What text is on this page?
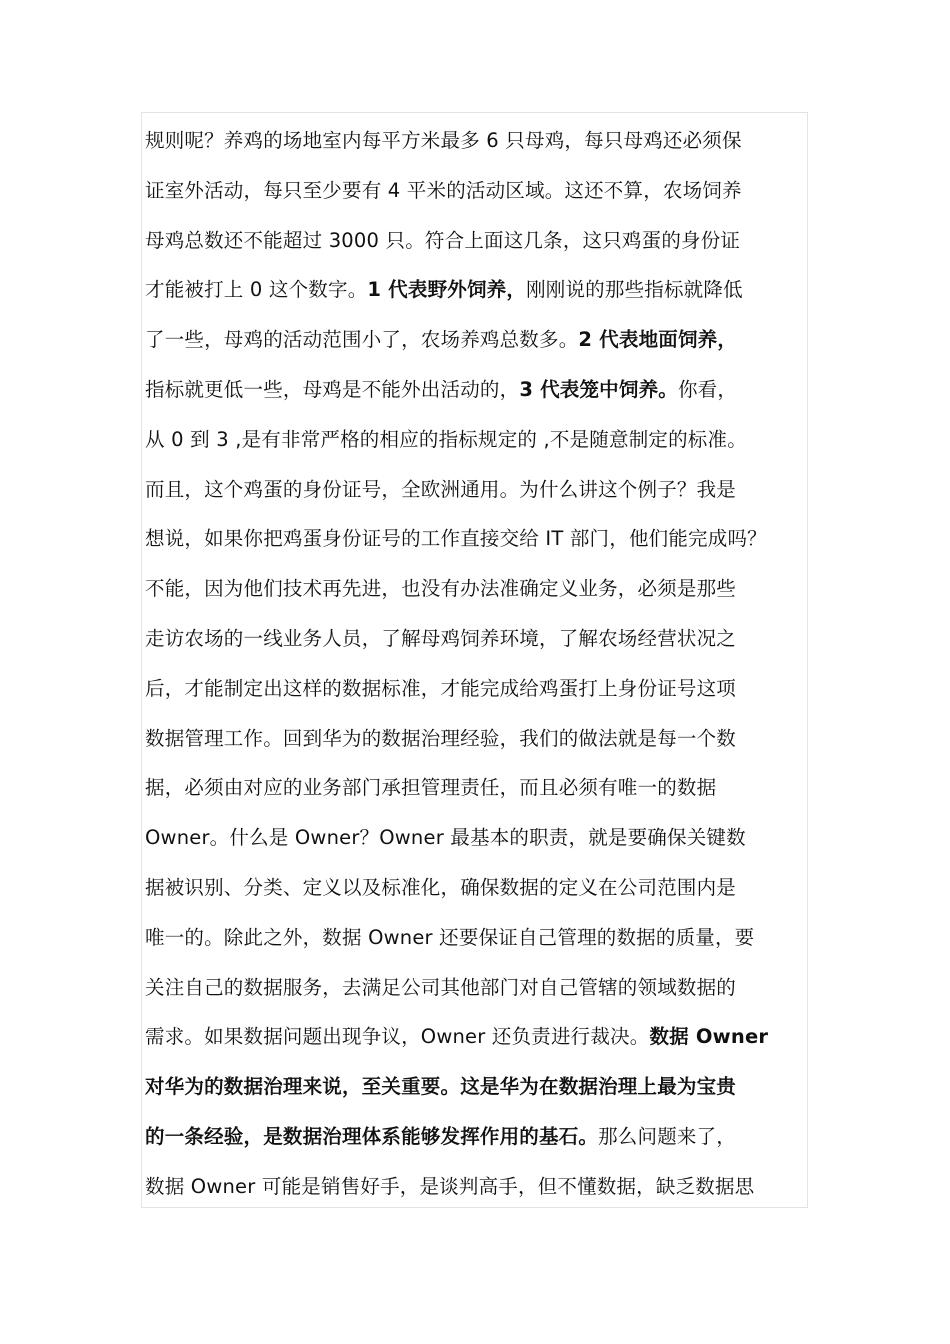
规则呢？养鸡的场地室内每平方米最多 6 只母鸡，每只母鸡还必须保
证室外活动，每只至少要有 4 平米的活动区域。这还不算，农场饲养
母鸡总数还不能超过 3000 只。符合上面这几条，这只鸡蛋的身份证
才能被打上 0 这个数字。1 代表野外饲养，刚刚说的那些指标就降低
了一些，母鸡的活动范围小了，农场养鸡总数多。2 代表地面饲养，
指标就更低一些，母鸡是不能外出活动的，3 代表笼中饲养。你看，
从 0 到 3 ,是有非常严格的相应的指标规定的 ,不是随意制定的标准。
而且，这个鸡蛋的身份证号，全欧洲通用。为什么讲这个例子？我是
想说，如果你把鸡蛋身份证号的工作直接交给 IT 部门，他们能完成吗？
不能，因为他们技术再先进，也没有办法准确定义业务，必须是那些
走访农场的一线业务人员，了解母鸡饲养环境，了解农场经营状况之
后，才能制定出这样的数据标准，才能完成给鸡蛋打上身份证号这项
数据管理工作。回到华为的数据治理经验，我们的做法就是每一个数
据，必须由对应的业务部门承担管理责任，而且必须有唯一的数据
Owner。什么是 Owner？Owner 最基本的职责，就是要确保关键数
据被识别、分类、定义以及标准化，确保数据的定义在公司范围内是
唯一的。除此之外，数据 Owner 还要保证自己管理的数据的质量，要
关注自己的数据服务，去满足公司其他部门对自己管辖的领域数据的
需求。如果数据问题出现争议，Owner 还负责进行裁决。数据 Owner
对华为的数据治理来说，至关重要。这是华为在数据治理上最为宝贵
的一条经验，是数据治理体系能够发挥作用的基石。那么问题来了，
数据 Owner 可能是销售好手，是谈判高手，但不懂数据，缺乏数据思
